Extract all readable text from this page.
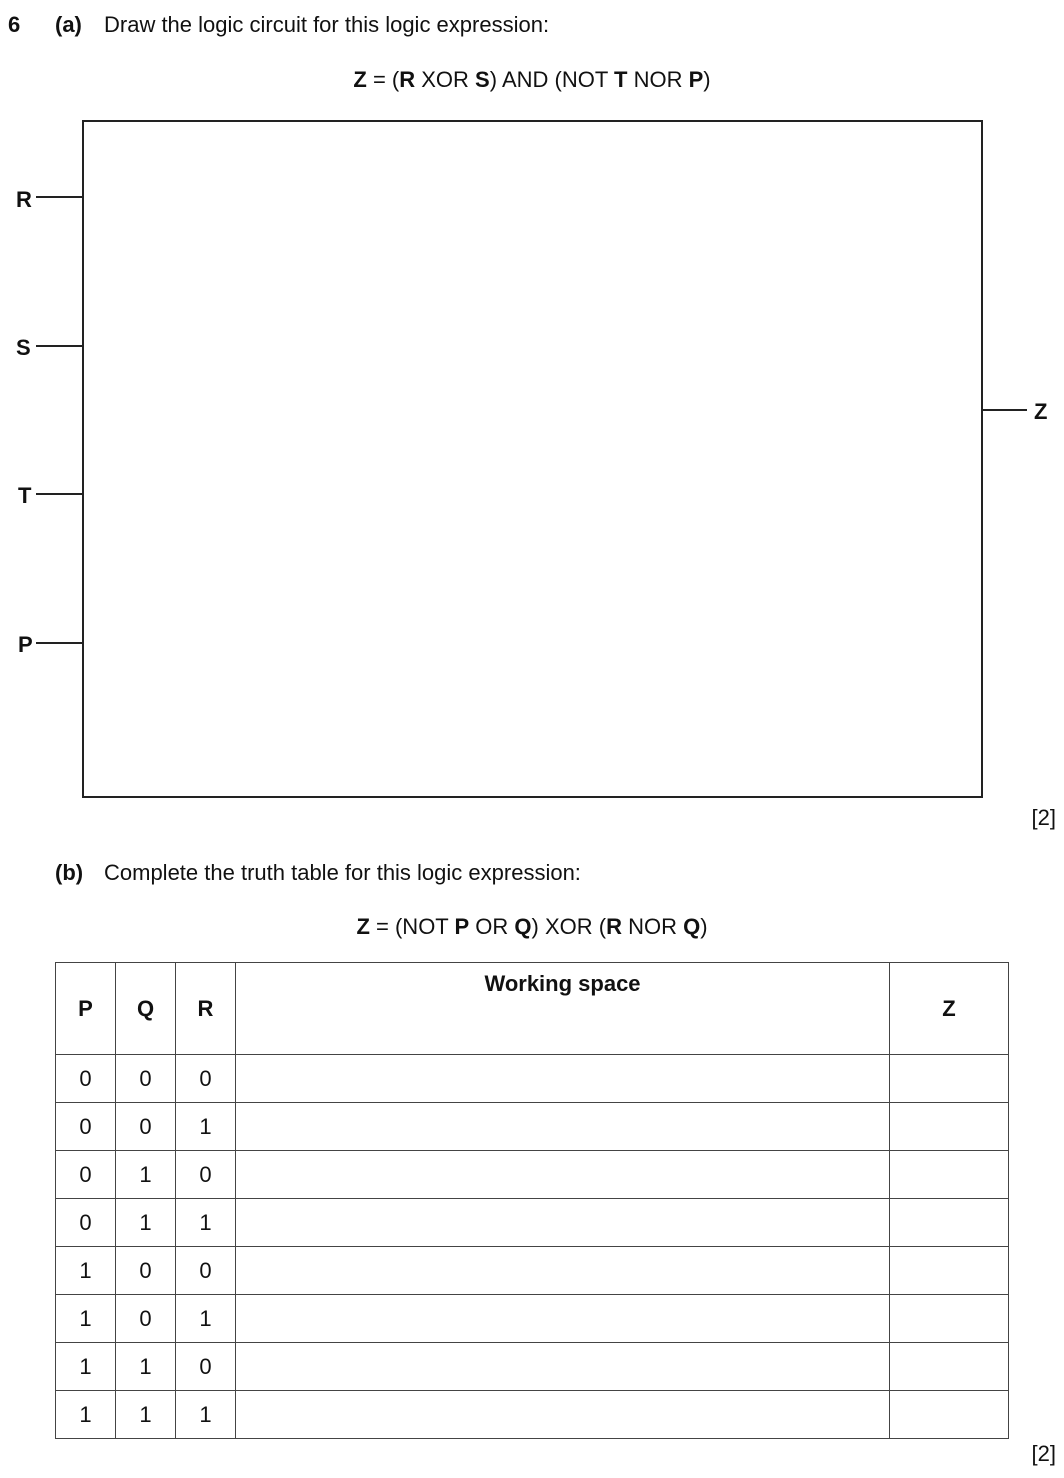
6 (a) Draw the logic circuit for this logic expression:
Z = (R XOR S) AND (NOT T NOR P)
R
S
T
P
Z
[2]
(b) Complete the truth table for this logic expression:
Z = (NOT P OR Q) XOR (R NOR Q)
P	Q	R	Working space	Z
0	0	0		
0	0	1		
0	1	0		
0	1	1		
1	0	0		
1	0	1		
1	1	0		
1	1	1		
[2]
